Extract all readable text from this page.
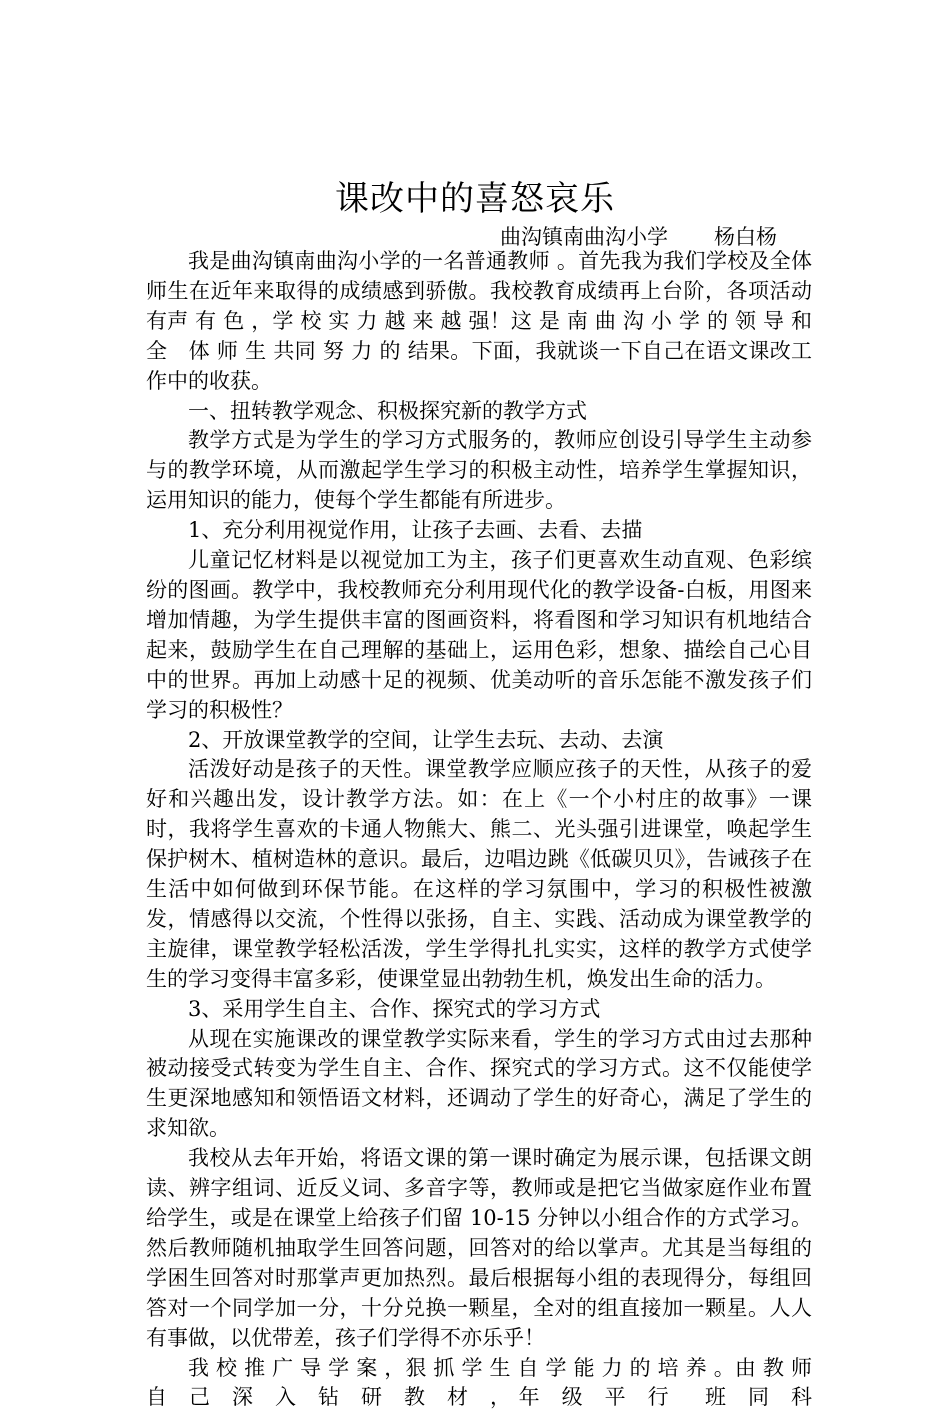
课改中的喜怒哀乐
曲沟镇南曲沟小学 杨白杨

我是曲沟镇南曲沟小学的一名普通教师 。首先我为我们学校及全体师生在近年来取得的成绩感到骄傲。我校教育成绩再上台阶，各项活动有声 有 色 ，学 校 实 力 越 来 越 强！这 是 南 曲 沟 小 学 的 领 导 和 全　体 师 生 共同 努 力 的 结果。下面，我就谈一下自己在语文课改工作中的收获。

一、扭转教学观念、积极探究新的教学方式

教学方式是为学生的学习方式服务的，教师应创设引导学生主动参与的教学环境，从而激起学生学习的积极主动性，培养学生掌握知识，运用知识的能力，使每个学生都能有所进步。

1、充分利用视觉作用，让孩子去画、去看、去描

儿童记忆材料是以视觉加工为主，孩子们更喜欢生动直观、色彩缤纷的图画。教学中，我校教师充分利用现代化的教学设备-白板，用图来增加情趣，为学生提供丰富的图画资料，将看图和学习知识有机地结合起来，鼓励学生在自己理解的基础上，运用色彩，想象、描绘自己心目中的世界。再加上动感十足的视频、优美动听的音乐怎能不激发孩子们学习的积极性？

2、开放课堂教学的空间，让学生去玩、去动、去演

活泼好动是孩子的天性。课堂教学应顺应孩子的天性，从孩子的爱好和兴趣出发，设计教学方法。如：在上《一个小村庄的故事》一课时，我将学生喜欢的卡通人物熊大、熊二、光头强引进课堂，唤起学生保护树木、植树造林的意识。最后，边唱边跳《低碳贝贝》，告诫孩子在生活中如何做到环保节能。在这样的学习氛围中，学习的积极性被激发，情感得以交流，个性得以张扬，自主、实践、活动成为课堂教学的主旋律，课堂教学轻松活泼，学生学得扎扎实实，这样的教学方式使学生的学习变得丰富多彩，使课堂显出勃勃生机，焕发出生命的活力。

3、采用学生自主、合作、探究式的学习方式

从现在实施课改的课堂教学实际来看，学生的学习方式由过去那种被动接受式转变为学生自主、合作、探究式的学习方式。这不仅能使学生更深地感知和领悟语文材料，还调动了学生的好奇心，满足了学生的求知欲。

我校从去年开始，将语文课的第一课时确定为展示课，包括课文朗读、辨字组词、近反义词、多音字等，教师或是把它当做家庭作业布置给学生，或是在课堂上给孩子们留 10-15 分钟以小组合作的方式学习。然后教师随机抽取学生回答问题，回答对的给以掌声。尤其是当每组的学困生回答对时那掌声更加热烈。最后根据每小组的表现得分，每组回答对一个同学加一分，十分兑换一颗星，全对的组直接加一颗星。人人有事做，以优带差，孩子们学得不亦乐乎！

我 校 推 广 导 学 案 ，狠 抓 学 生 自 学 能 力 的 培 养 。由 教 师 自 己 深 入 钻 研 教 材 ，年 级 平 行　班 同 科
